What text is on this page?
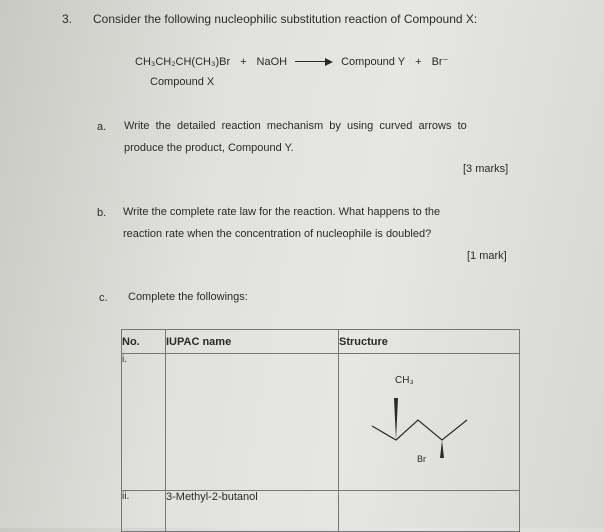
3. Consider the following nucleophilic substitution reaction of Compound X:
CH₃CH₂CH(CH₃)Br + NaOH	Compound Y + Br⁻
Compound X
a. Write  the  detailed  reaction  mechanism  by  using  curved  arrows  to
produce the product, Compound Y.
[3 marks]
b. Write the complete rate law for the reaction. What happens to the
reaction rate when the concentration of nucleophile is doubled?
[1 mark]
c. Complete the followings:
No.	IUPAC name	Structure
i.		CH₃
Br

ii.	3-Methyl-2-butanol	
